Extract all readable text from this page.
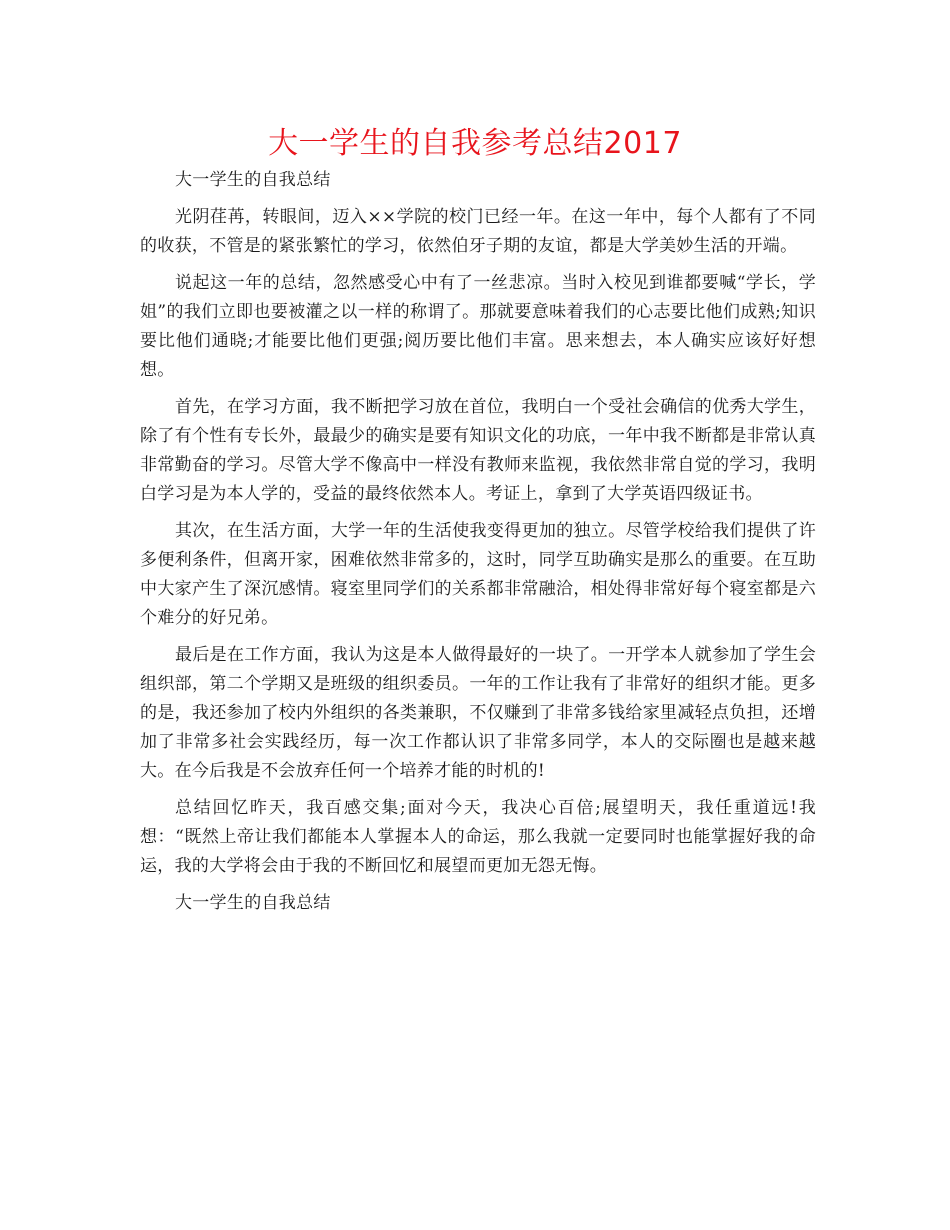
大一学生的自我参考总结2017

大一学生的自我总结

光阴荏苒，转眼间，迈入××学院的校门已经一年。在这一年中，每个人都有了不同的收获，不管是的紧张繁忙的学习，依然伯牙子期的友谊，都是大学美妙生活的开端。

说起这一年的总结，忽然感受心中有了一丝悲凉。当时入校见到谁都要喊“学长，学姐”的我们立即也要被灌之以一样的称谓了。那就要意味着我们的心志要比他们成熟;知识要比他们通晓;才能要比他们更强;阅历要比他们丰富。思来想去，本人确实应该好好想想。

首先，在学习方面，我不断把学习放在首位，我明白一个受社会确信的优秀大学生，除了有个性有专长外，最最少的确实是要有知识文化的功底，一年中我不断都是非常认真非常勤奋的学习。尽管大学不像高中一样没有教师来监视，我依然非常自觉的学习，我明白学习是为本人学的，受益的最终依然本人。考证上，拿到了大学英语四级证书。

其次，在生活方面，大学一年的生活使我变得更加的独立。尽管学校给我们提供了许多便利条件，但离开家，困难依然非常多的，这时，同学互助确实是那么的重要。在互助中大家产生了深沉感情。寝室里同学们的关系都非常融洽，相处得非常好每个寝室都是六个难分的好兄弟。

最后是在工作方面，我认为这是本人做得最好的一块了。一开学本人就参加了学生会组织部，第二个学期又是班级的组织委员。一年的工作让我有了非常好的组织才能。更多的是，我还参加了校内外组织的各类兼职，不仅赚到了非常多钱给家里减轻点负担，还增加了非常多社会实践经历，每一次工作都认识了非常多同学，本人的交际圈也是越来越大。在今后我是不会放弃任何一个培养才能的时机的!

总结回忆昨天，我百感交集;面对今天，我决心百倍;展望明天，我任重道远!我想：“既然上帝让我们都能本人掌握本人的命运，那么我就一定要同时也能掌握好我的命运，我的大学将会由于我的不断回忆和展望而更加无怨无悔。

大一学生的自我总结
